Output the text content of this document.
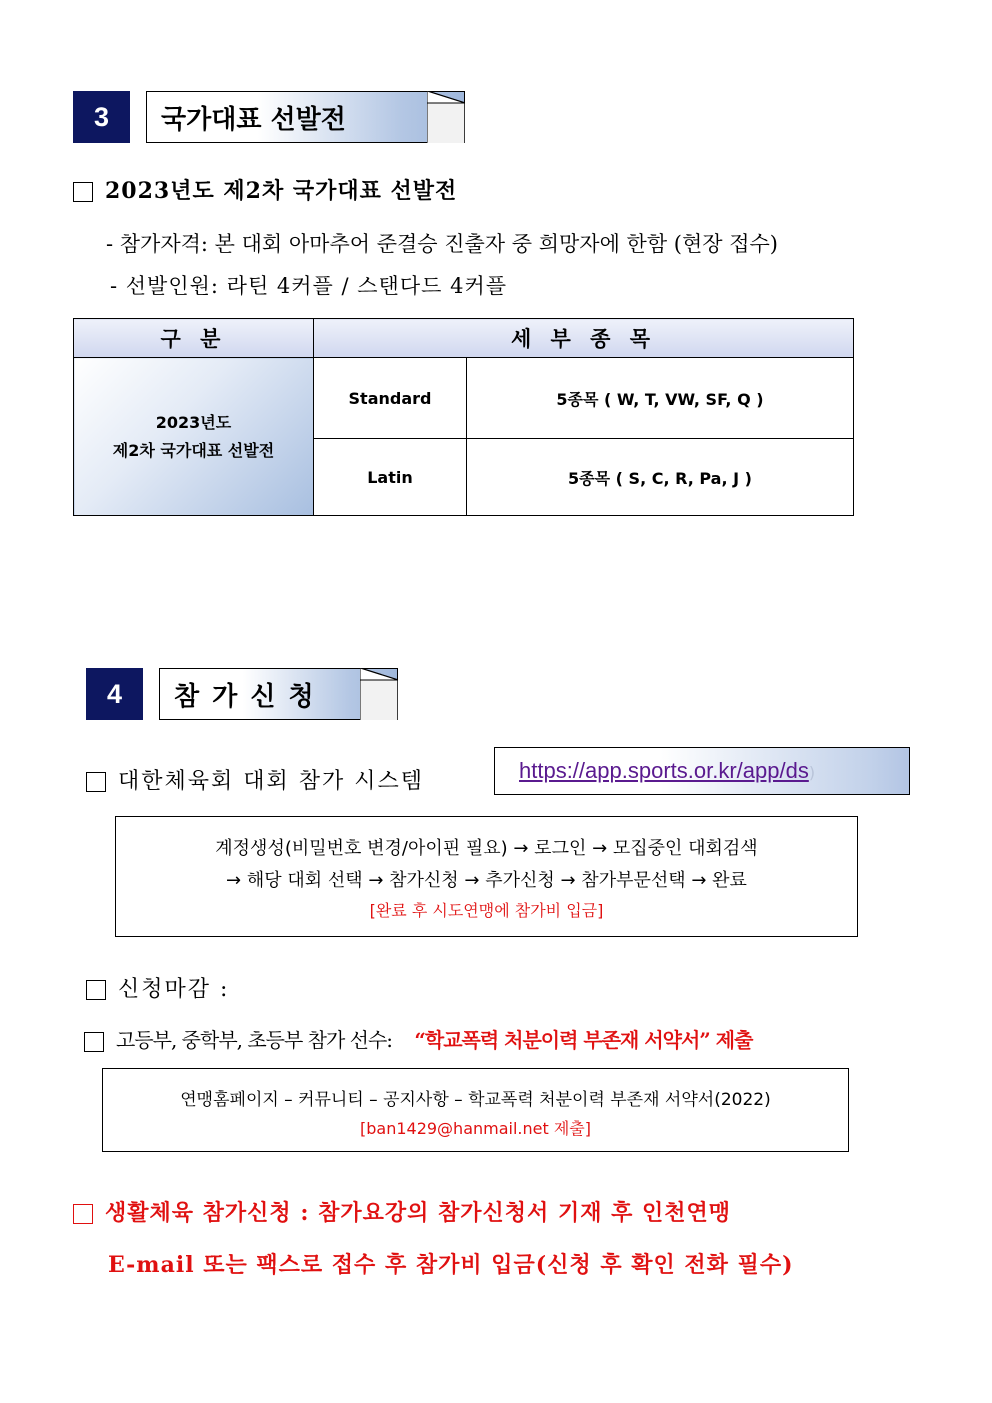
3	국가대표 선발전
2023년도 제2차 국가대표 선발전
- 참가자격: 본 대회 아마추어 준결승 진출자 중 희망자에 한함 (현장 접수)
- 선발인원: 라틴 4커플 / 스탠다드 4커플
구 분	세 부 종 목	

2023년도
제2차 국가대표 선발전	Standard	5종목 ( W, T, VW, SF, Q )
	Latin	5종목 ( S, C, R, Pa, J )
4	참 가 신 청
대한체육회 대회 참가 시스템	https://app.sports.or.kr/app/ds)
계정생성(비밀번호 변경/아이핀 필요) → 로그인 → 모집중인 대회검색
→ 해당 대회 선택 → 참가신청 → 추가신청 → 참가부문선택 → 완료
[완료 후 시도연맹에 참가비 입금]
신청마감 :
고등부, 중학부, 초등부 참가 선수: “학교폭력 처분이력 부존재 서약서” 제출
연맹홈페이지 – 커뮤니티 – 공지사항 – 학교폭력 처분이력 부존재 서약서(2022)
[ban1429@hanmail.net 제출]
생활체육 참가신청 : 참가요강의 참가신청서 기재 후 인천연맹
E-mail 또는 팩스로 접수 후 참가비 입금(신청 후 확인 전화 필수)
